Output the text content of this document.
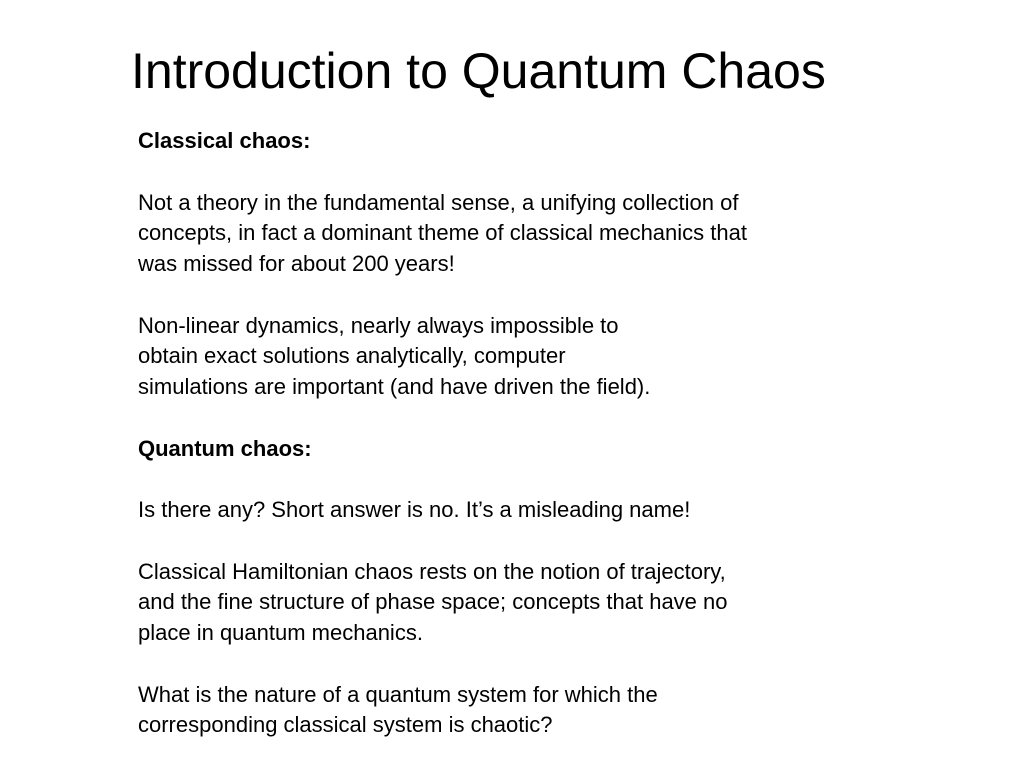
Introduction to Quantum Chaos
Classical chaos:
Not a theory in the fundamental sense, a unifying collection of
concepts, in fact a dominant theme of classical mechanics that
was missed for about 200 years!
Non-linear dynamics, nearly always impossible to
obtain exact solutions analytically, computer
simulations are important (and have driven the field).
Quantum chaos:
Is there any? Short answer is no. It’s a misleading name!
Classical Hamiltonian chaos rests on the notion of trajectory,
and the fine structure of phase space; concepts that have no
place in quantum mechanics.
What is the nature of a quantum system for which the
corresponding classical system is chaotic?
